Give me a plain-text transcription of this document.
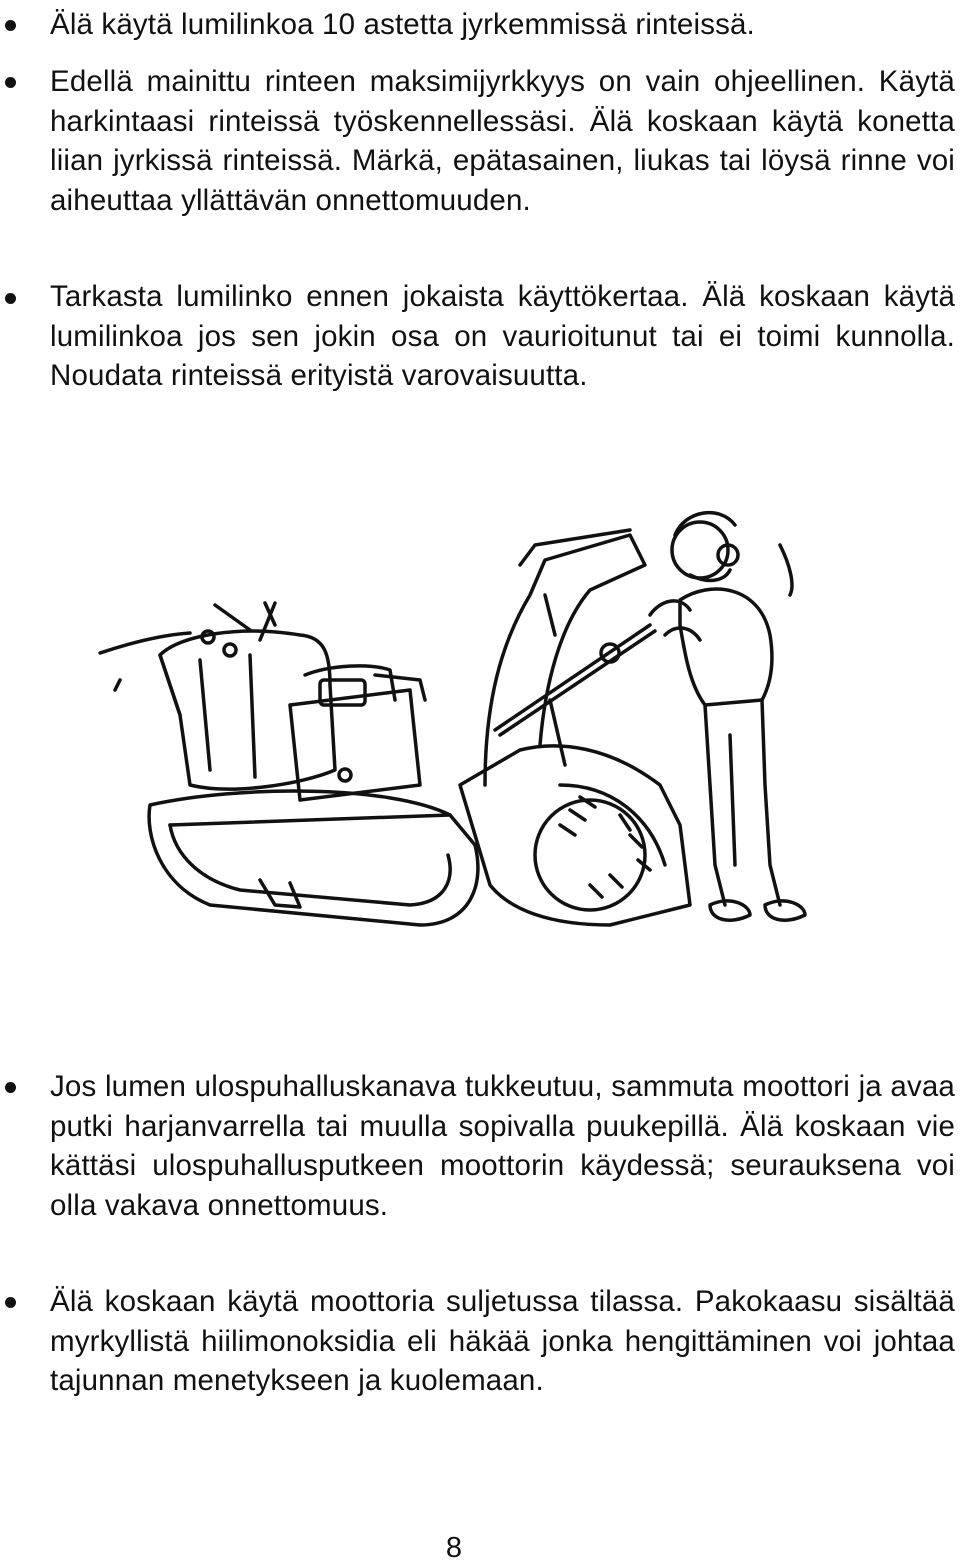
Älä käytä lumilinkoa 10 astetta jyrkemmissä rinteissä.

Edellä mainittu rinteen maksimijyrkkyys on vain ohjeellinen. Käytä harkintaasi rinteissä työskennellessäsi. Älä koskaan käytä konetta liian jyrkissä rinteissä. Märkä, epätasainen, liukas tai löysä rinne voi aiheuttaa yllättävän onnettomuuden.

Tarkasta lumilinko ennen jokaista käyttökertaa. Älä koskaan käytä lumilinkoa jos sen jokin osa on vaurioitunut tai ei toimi kunnolla. Noudata rinteissä erityistä varovaisuutta.

Jos lumen ulospuhalluskanava tukkeutuu, sammuta moottori ja avaa putki harjanvarrella tai muulla sopivalla puukepillä. Älä koskaan vie kättäsi ulospuhallusputkeen moottorin käydessä; seurauksena voi olla vakava onnettomuus.

Älä koskaan käytä moottoria suljetussa tilassa. Pakokaasu sisältää myrkyllistä hiilimonoksidia eli häkää jonka hengittäminen voi johtaa tajunnan menetykseen ja kuolemaan.

8
